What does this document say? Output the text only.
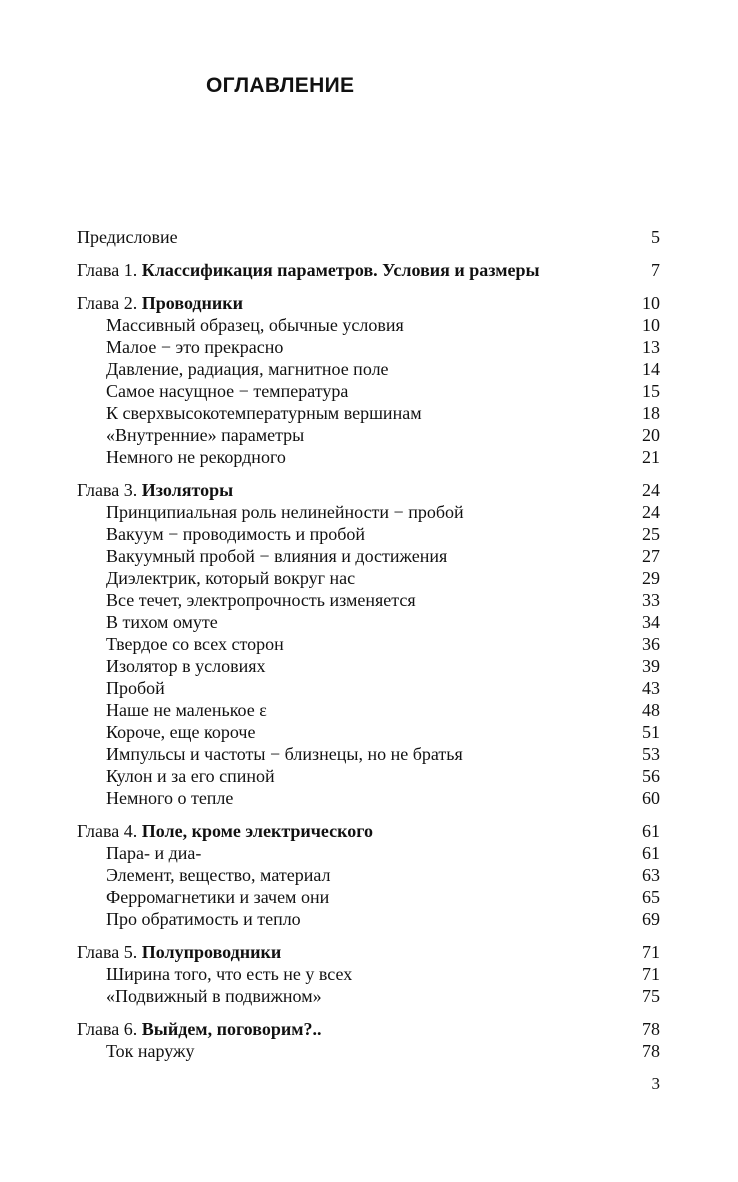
ОГЛАВЛЕНИЕ
Предисловие	5
Глава 1. Классификация параметров. Условия и размеры	7
Глава 2. Проводники	10
Массивный образец, обычные условия	10
Малое − это прекрасно	13
Давление, радиация, магнитное поле	14
Самое насущное − температура	15
К сверхвысокотемпературным вершинам	18
«Внутренние» параметры	20
Немного не рекордного	21
Глава 3. Изоляторы	24
Принципиальная роль нелинейности − пробой	24
Вакуум − проводимость и пробой	25
Вакуумный пробой − влияния и достижения	27
Диэлектрик, который вокруг нас	29
Все течет, электропрочность изменяется	33
В тихом омуте	34
Твердое со всех сторон	36
Изолятор в условиях	39
Пробой	43
Наше не маленькое ε	48
Короче, еще короче	51
Импульсы и частоты − близнецы, но не братья	53
Кулон и за его спиной	56
Немного о тепле	60
Глава 4. Поле, кроме электрического	61
Пара- и диа-	61
Элемент, вещество, материал	63
Ферромагнетики и зачем они	65
Про обратимость и тепло	69
Глава 5. Полупроводники	71
Ширина того, что есть не у всех	71
«Подвижный в подвижном»	75
Глава 6. Выйдем, поговорим?..	78
Ток наружу	78
3
